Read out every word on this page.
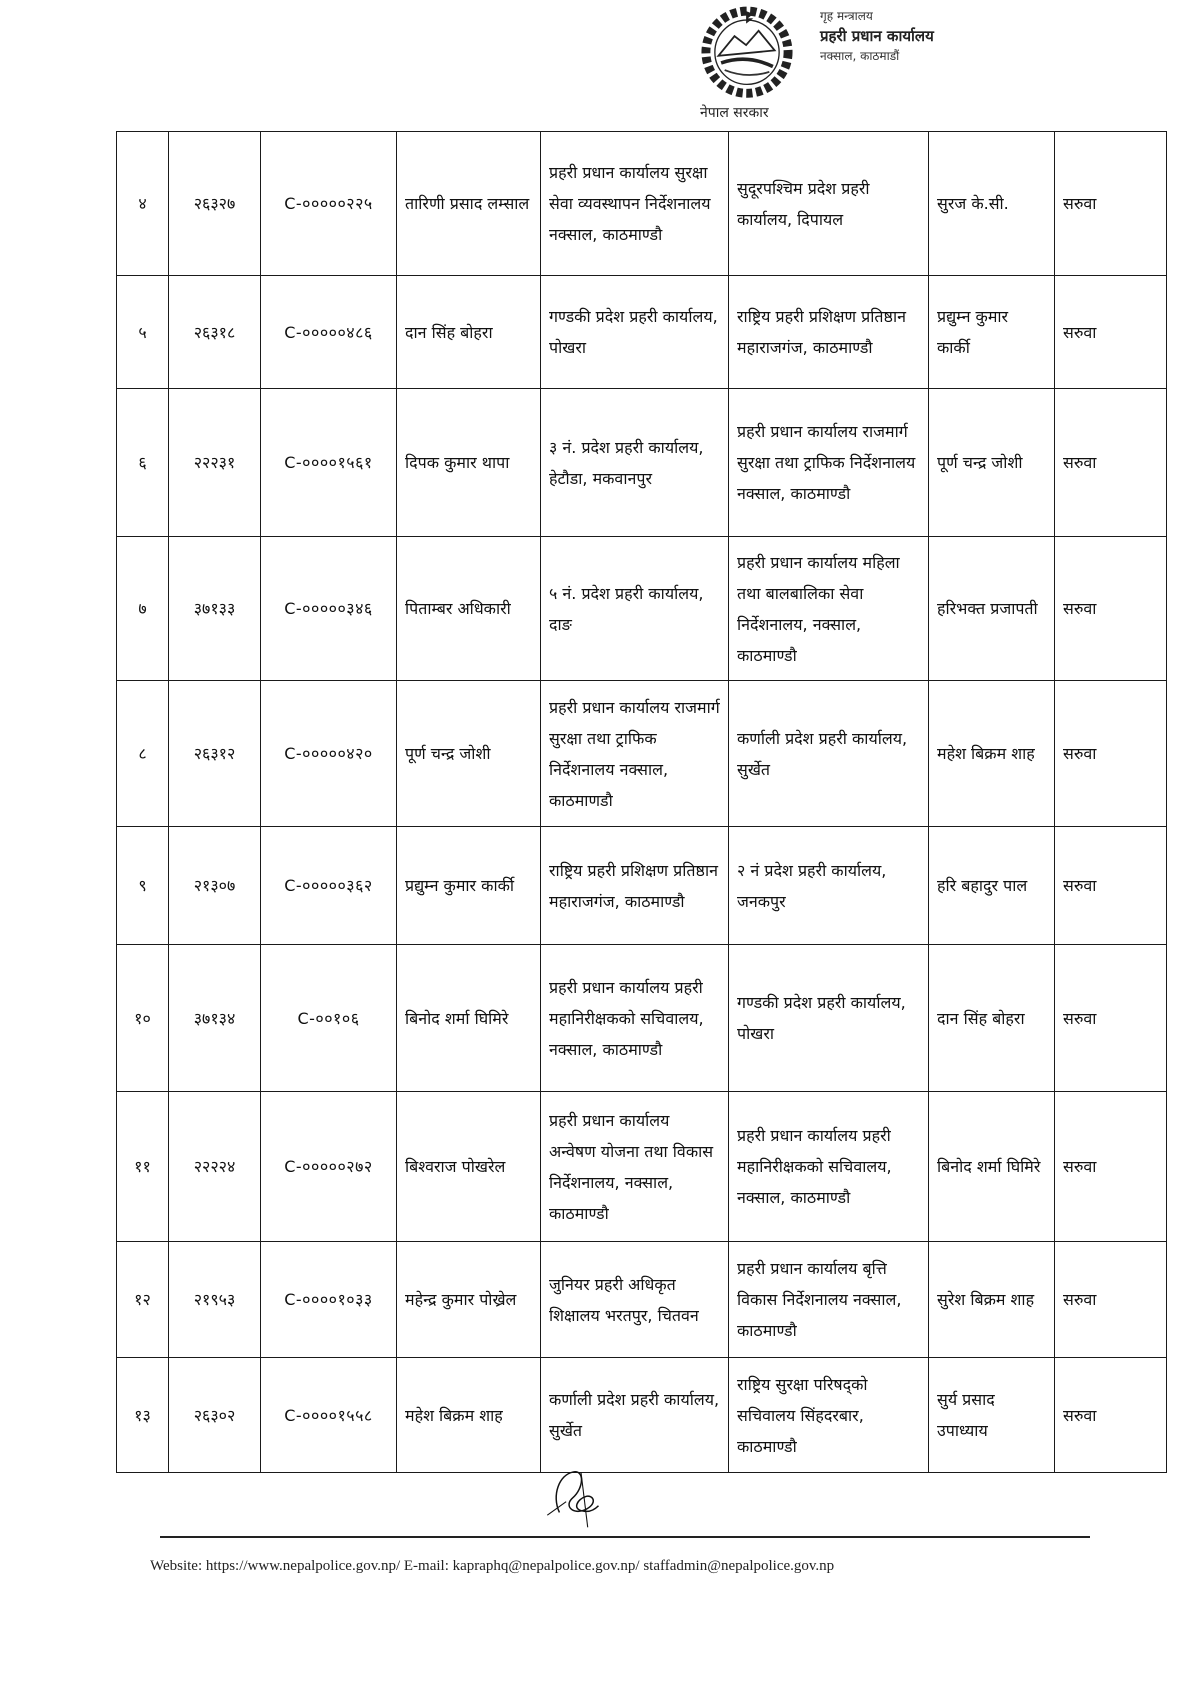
नेपाल सरकार
गृह मन्त्रालय
प्रहरी प्रधान कार्यालय
नक्साल, काठमाडौं
४	२६३२७	C-०००००२२५	तारिणी प्रसाद लम्साल	प्रहरी प्रधान कार्यालय सुरक्षा सेवा व्यवस्थापन निर्देशनालय नक्साल, काठमाण्डौ	सुदूरपश्चिम प्रदेश प्रहरी कार्यालय, दिपायल	सुरज के.सी.	सरुवा
५	२६३१८	C-०००००४८६	दान सिंह बोहरा	गण्डकी प्रदेश प्रहरी कार्यालय, पोखरा	राष्ट्रिय प्रहरी प्रशिक्षण प्रतिष्ठान महाराजगंज, काठमाण्डौ	प्रद्युम्न कुमार कार्की	सरुवा
६	२२२३१	C-००००१५६१	दिपक कुमार थापा	३ नं. प्रदेश प्रहरी कार्यालय, हेटौडा, मकवानपुर	प्रहरी प्रधान कार्यालय राजमार्ग सुरक्षा तथा ट्राफिक निर्देशनालय नक्साल, काठमाण्डौ	पूर्ण चन्द्र जोशी	सरुवा
७	३७१३३	C-०००००३४६	पिताम्बर अधिकारी	५ नं. प्रदेश प्रहरी कार्यालय, दाङ	प्रहरी प्रधान कार्यालय महिला तथा बालबालिका सेवा निर्देशनालय, नक्साल, काठमाण्डौ	हरिभक्त प्रजापती	सरुवा
८	२६३१२	C-०००००४२०	पूर्ण चन्द्र जोशी	प्रहरी प्रधान कार्यालय राजमार्ग सुरक्षा तथा ट्राफिक निर्देशनालय नक्साल, काठमाणडौ	कर्णाली प्रदेश प्रहरी कार्यालय, सुर्खेत	महेश बिक्रम शाह	सरुवा
९	२१३०७	C-०००००३६२	प्रद्युम्न कुमार कार्की	राष्ट्रिय प्रहरी प्रशिक्षण प्रतिष्ठान महाराजगंज, काठमाण्डौ	२ नं प्रदेश प्रहरी कार्यालय, जनकपुर	हरि बहादुर पाल	सरुवा
१०	३७१३४	C-००१०६	बिनोद शर्मा घिमिरे	प्रहरी प्रधान कार्यालय प्रहरी महानिरीक्षकको सचिवालय, नक्साल, काठमाण्डौ	गण्डकी प्रदेश प्रहरी कार्यालय, पोखरा	दान सिंह बोहरा	सरुवा
११	२२२२४	C-०००००२७२	बिश्वराज पोखरेल	प्रहरी प्रधान कार्यालय अन्वेषण योजना तथा विकास निर्देशनालय, नक्साल, काठमाण्डौ	प्रहरी प्रधान कार्यालय प्रहरी महानिरीक्षकको सचिवालय, नक्साल, काठमाण्डौ	बिनोद शर्मा घिमिरे	सरुवा
१२	२१९५३	C-००००१०३३	महेन्द्र कुमार पोख्रेल	जुनियर प्रहरी अधिकृत शिक्षालय भरतपुर, चितवन	प्रहरी प्रधान कार्यालय बृत्ति विकास निर्देशनालय नक्साल, काठमाण्डौ	सुरेश बिक्रम शाह	सरुवा
१३	२६३०२	C-००००१५५८	महेश बिक्रम शाह	कर्णाली प्रदेश प्रहरी कार्यालय, सुर्खेत	राष्ट्रिय सुरक्षा परिषद्को सचिवालय सिंहदरबार, काठमाण्डौ	सुर्य प्रसाद उपाध्याय	सरुवा
Website: https://www.nepalpolice.gov.np/ E-mail: kapraphq@nepalpolice.gov.np/ staffadmin@nepalpolice.gov.np
